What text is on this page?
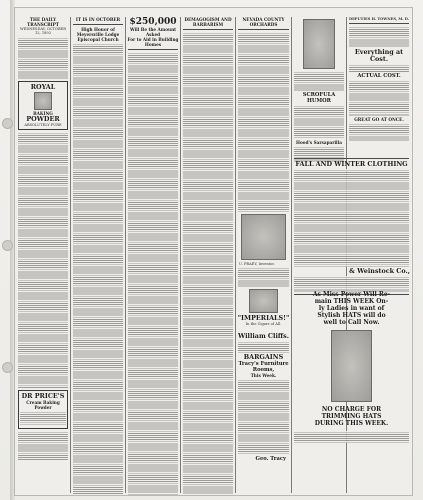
THE DAILY TRANSCRIPT
WEDNESDAY, OCTOBER 12, 1892
ROYAL
BAKING
POWDER
ABSOLUTELY PURE
DR PRICE'S
Cream Baking Powder
IT IS IN OCTOBER
High Honor of Meyersville Lodge Episcopal Church
$250,000
Will Be the Amount Asked
For to Aid in Building Homes
DEMAGOGISM AND BARBARISM
NEVADA COUNTY ORCHARDS
U. PRAEY, Inventor.
"IMPERIALS!"
In the Cigars of All.
William Cliffs.
BARGAINS
Tracy's Furniture Rooms,
This Week.
Geo. Tracy
SCROFULA HUMOR
Hood's Sarsaparilla
DEPUTIES H. TOWNES, M. D.
Everything at Cost.
ACTUAL COST.
GREAT GO AT ONCE.
FALL AND WINTER CLOTHING
& Weinstock Co.,
As Miss Power Will Re-
main THIS WEEK On-
ly Ladies in want of
Stylish HATS will do
well to Call Now.
NO CHARGE FOR
TRIMMING HATS
DURING THIS WEEK.
